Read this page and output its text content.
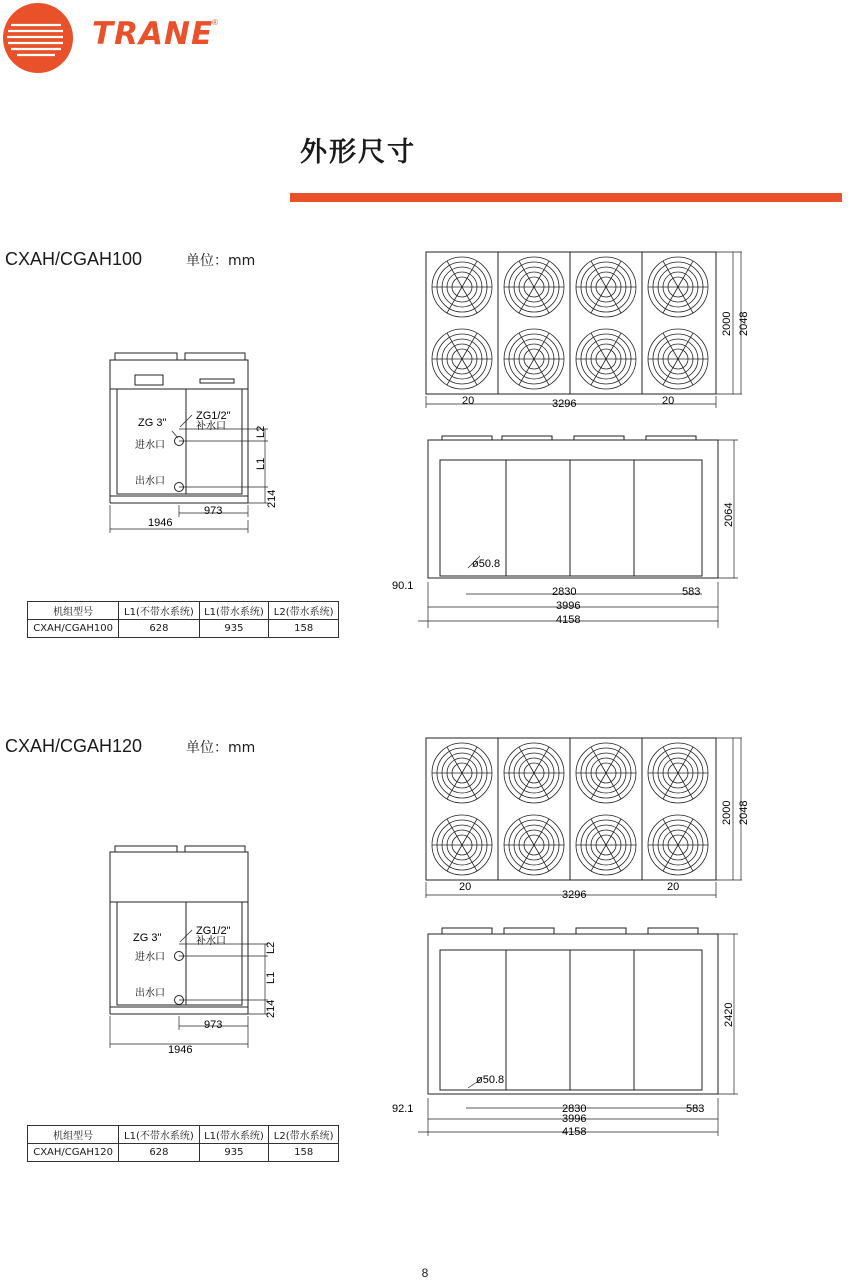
TRANE
®
外形尺寸
CXAH/CGAH100	单位：mm
ZG1/2"
补水口
ZG 3"
进水口
出水口
L2
L1
214
973
1946
2000 2048
20	3296	20
2064
ø50.8
90.1	2830	583
3996
4158
机组型号	L1(不带水系统)	L1(带水系统)	L2(带水系统)
CXAH/CGAH100	628	935	158
CXAH/CGAH120	单位：mm
ZG1/2"
补水口
ZG 3"
进水口
出水口
L2
L1
214
973
1946
2000 2048
20
3296
20
2420
ø50.8
92.1	2830	583
3996
4158
机组型号	L1(不带水系统)	L1(带水系统)	L2(带水系统)
CXAH/CGAH120	628	935	158
8
